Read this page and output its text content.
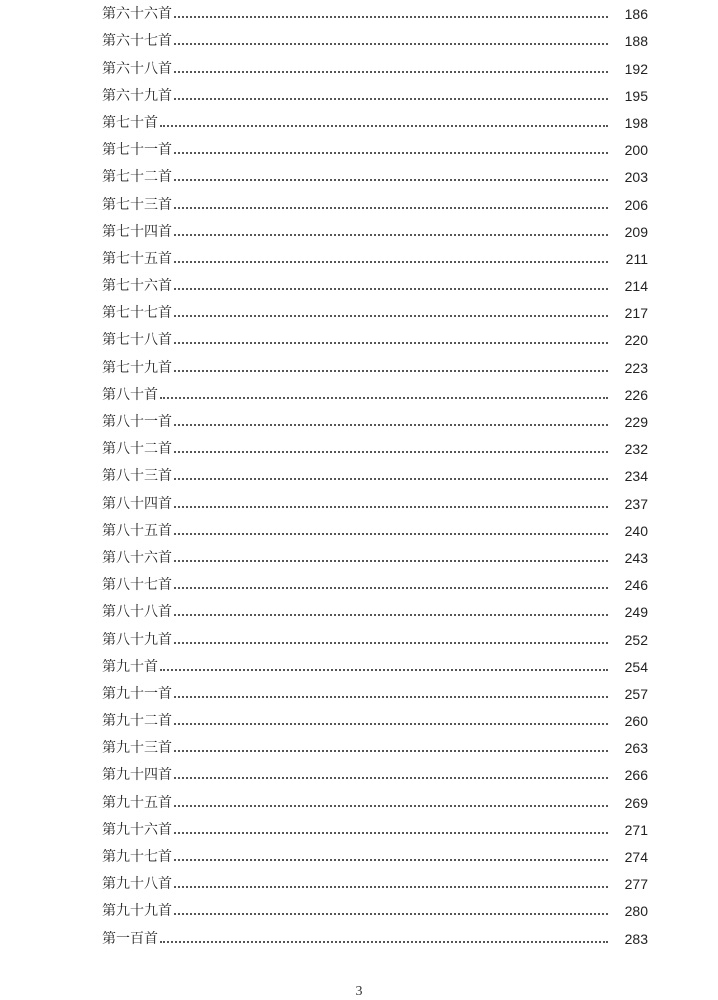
第六十六首	186
第六十七首	188
第六十八首	192
第六十九首	195
第七十首	198
第七十一首	200
第七十二首	203
第七十三首	206
第七十四首	209
第七十五首	211
第七十六首	214
第七十七首	217
第七十八首	220
第七十九首	223
第八十首	226
第八十一首	229
第八十二首	232
第八十三首	234
第八十四首	237
第八十五首	240
第八十六首	243
第八十七首	246
第八十八首	249
第八十九首	252
第九十首	254
第九十一首	257
第九十二首	260
第九十三首	263
第九十四首	266
第九十五首	269
第九十六首	271
第九十七首	274
第九十八首	277
第九十九首	280
第一百首	283
3
